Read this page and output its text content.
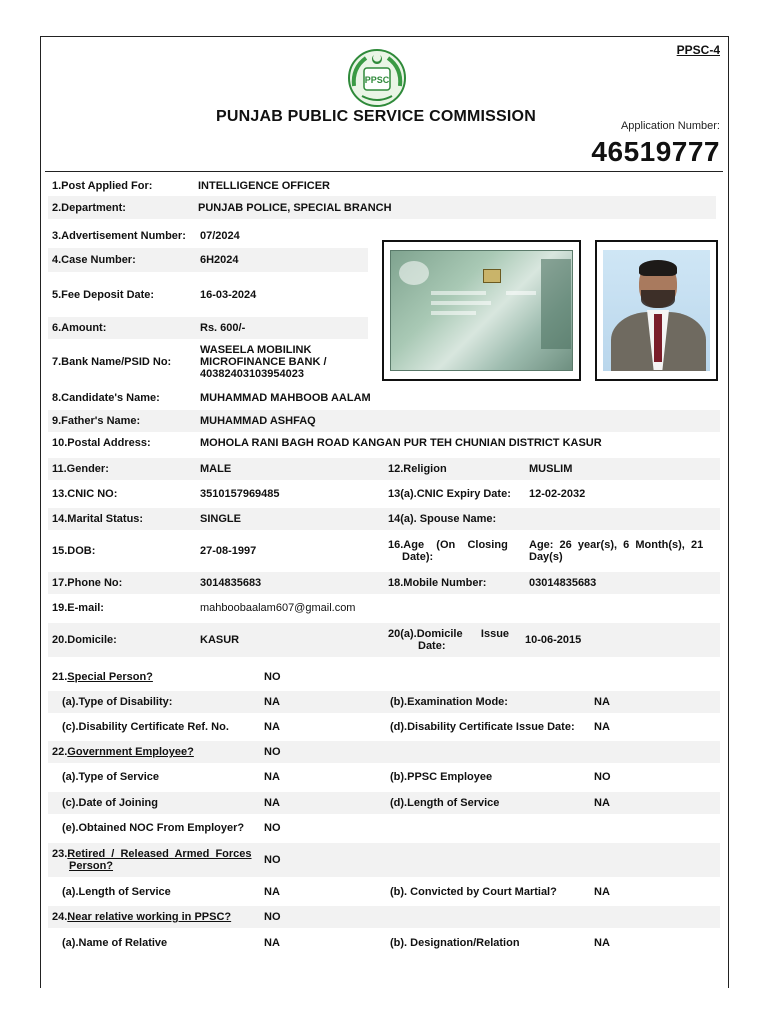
PPSC-4
PPSC
PUNJAB PUBLIC SERVICE COMMISSION
Application Number:
46519777
1.Post Applied For:	INTELLIGENCE OFFICER
2.Department:	PUNJAB POLICE, SPECIAL BRANCH
3.Advertisement Number: 07/2024
4.Case Number:	6H2024
5.Fee Deposit Date:	16-03-2024
6.Amount:	Rs. 600/-
7.Bank Name/PSID No:
WASEELA MOBILINK
MICROFINANCE BANK /
40382403103954023
8.Candidate's Name:	MUHAMMAD MAHBOOB AALAM
9.Father's Name:	MUHAMMAD ASHFAQ
10.Postal Address:	MOHOLA RANI BAGH ROAD KANGAN PUR TEH CHUNIAN DISTRICT KASUR
11.Gender:	MALE	12.Religion	MUSLIM
13.CNIC NO:	3510157969485	13(a).CNIC Expiry Date: 12-02-2032
14.Marital Status:	SINGLE	14(a). Spouse Name:
15.DOB:	27-08-1997	16.Age    (On    Closing
Date):
Age:  26  year(s),  6  Month(s),  21
Day(s)
17.Phone No:	3014835683	18.Mobile Number:	03014835683
19.E-mail:	mahboobaalam607@gmail.com
20.Domicile:	KASUR	20(a).Domicile      Issue
Date:	10-06-2015
21. Special Person?	NO
(a).Type of Disability:	NA	(b).Examination Mode:	NA
(c).Disability Certificate Ref. No.	NA	(d).Disability Certificate Issue Date: NA
22. Government Employee?	NO
(a).Type of Service	NA	(b).PPSC Employee	NO
(c).Date of Joining	NA	(d).Length of Service	NA
(e).Obtained NOC From Employer? NO
23.Retired  /  Released  Armed  Forces
Person?	NO
(a).Length of Service	NA	(b). Convicted by Court Martial?	NA
24. Near relative working in PPSC?	NO
(a).Name of Relative	NA	(b). Designation/Relation	NA
